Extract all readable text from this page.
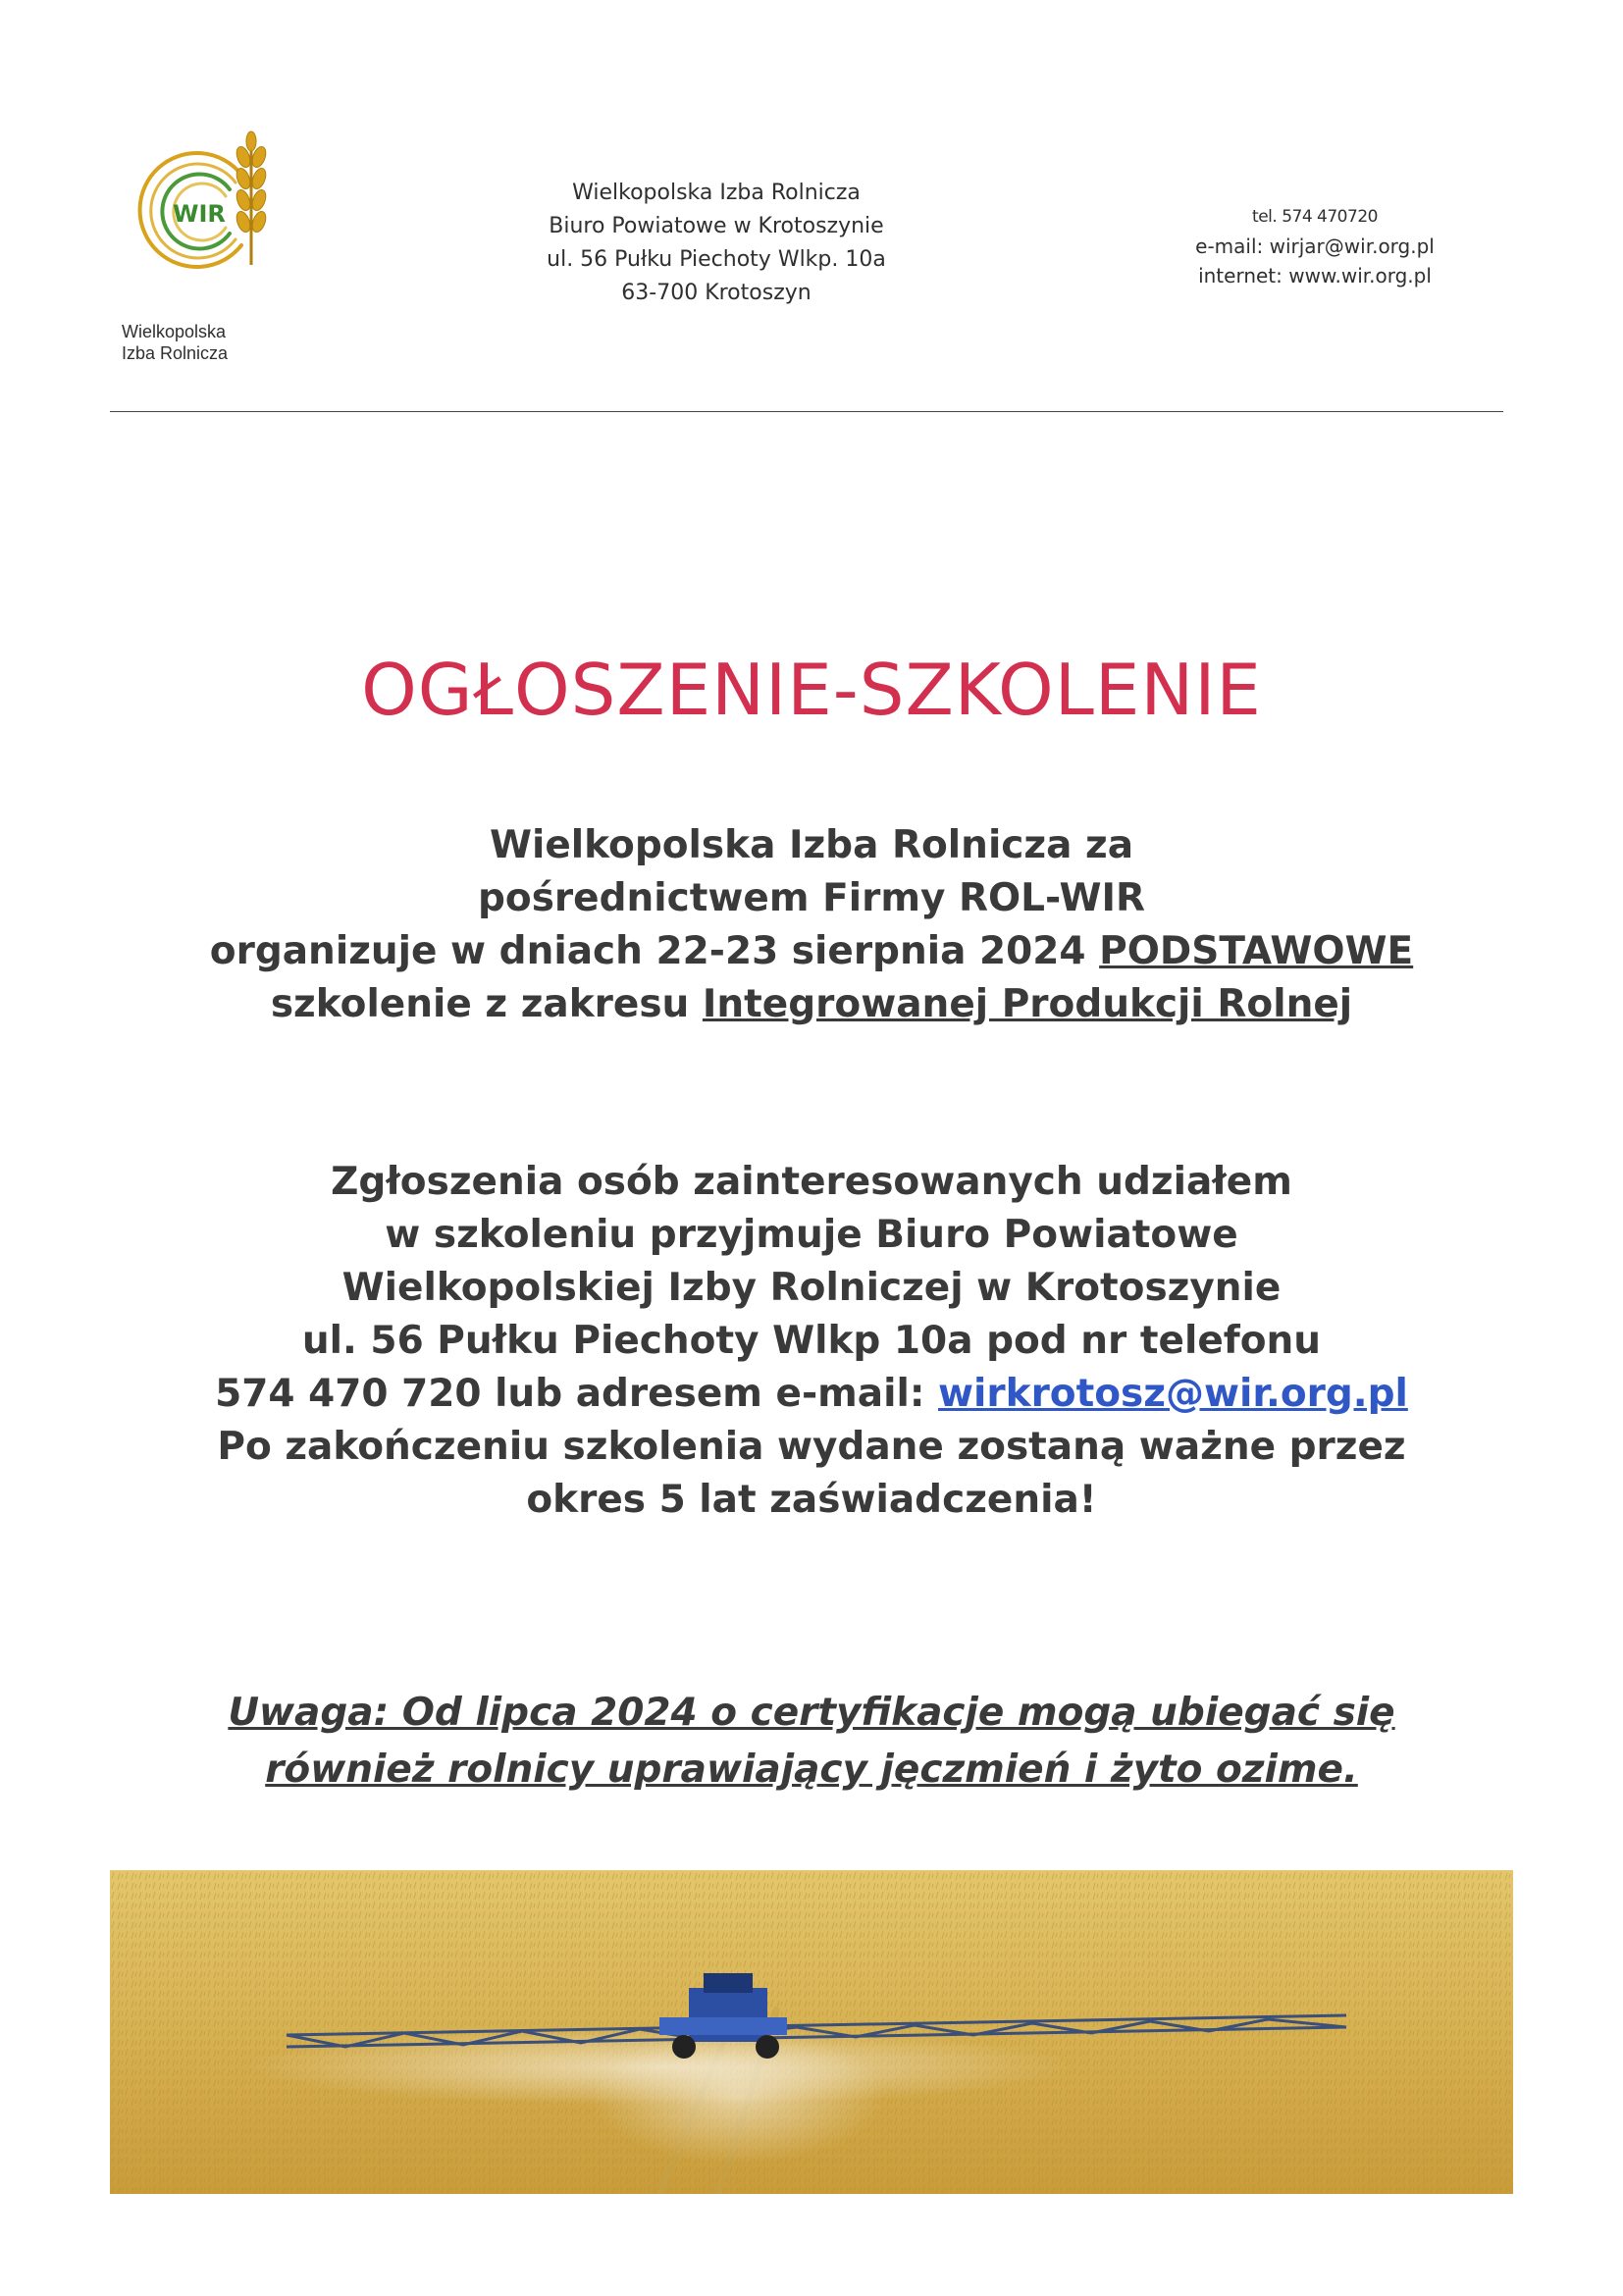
WIR
Wielkopolska
Izba Rolnicza
Wielkopolska Izba Rolnicza
Biuro Powiatowe w Krotoszynie
ul. 56 Pułku Piechoty Wlkp. 10a
63-700 Krotoszyn
tel. 574 470720
e-mail: wirjar@wir.org.pl
internet: www.wir.org.pl
OGŁOSZENIE-SZKOLENIE
Wielkopolska Izba Rolnicza za
pośrednictwem Firmy ROL-WIR
organizuje w dniach 22-23 sierpnia 2024 PODSTAWOWE
szkolenie z zakresu Integrowanej Produkcji Rolnej
Zgłoszenia osób zainteresowanych udziałem
w szkoleniu przyjmuje Biuro Powiatowe
Wielkopolskiej Izby Rolniczej w Krotoszynie
ul. 56 Pułku Piechoty Wlkp 10a pod nr telefonu
574 470 720 lub adresem e-mail: wirkrotosz@wir.org.pl
Po zakończeniu szkolenia wydane zostaną ważne przez
okres 5 lat zaświadczenia!
Uwaga: Od lipca 2024 o certyfikacje mogą ubiegać się
również rolnicy uprawiający jęczmień i żyto ozime.
